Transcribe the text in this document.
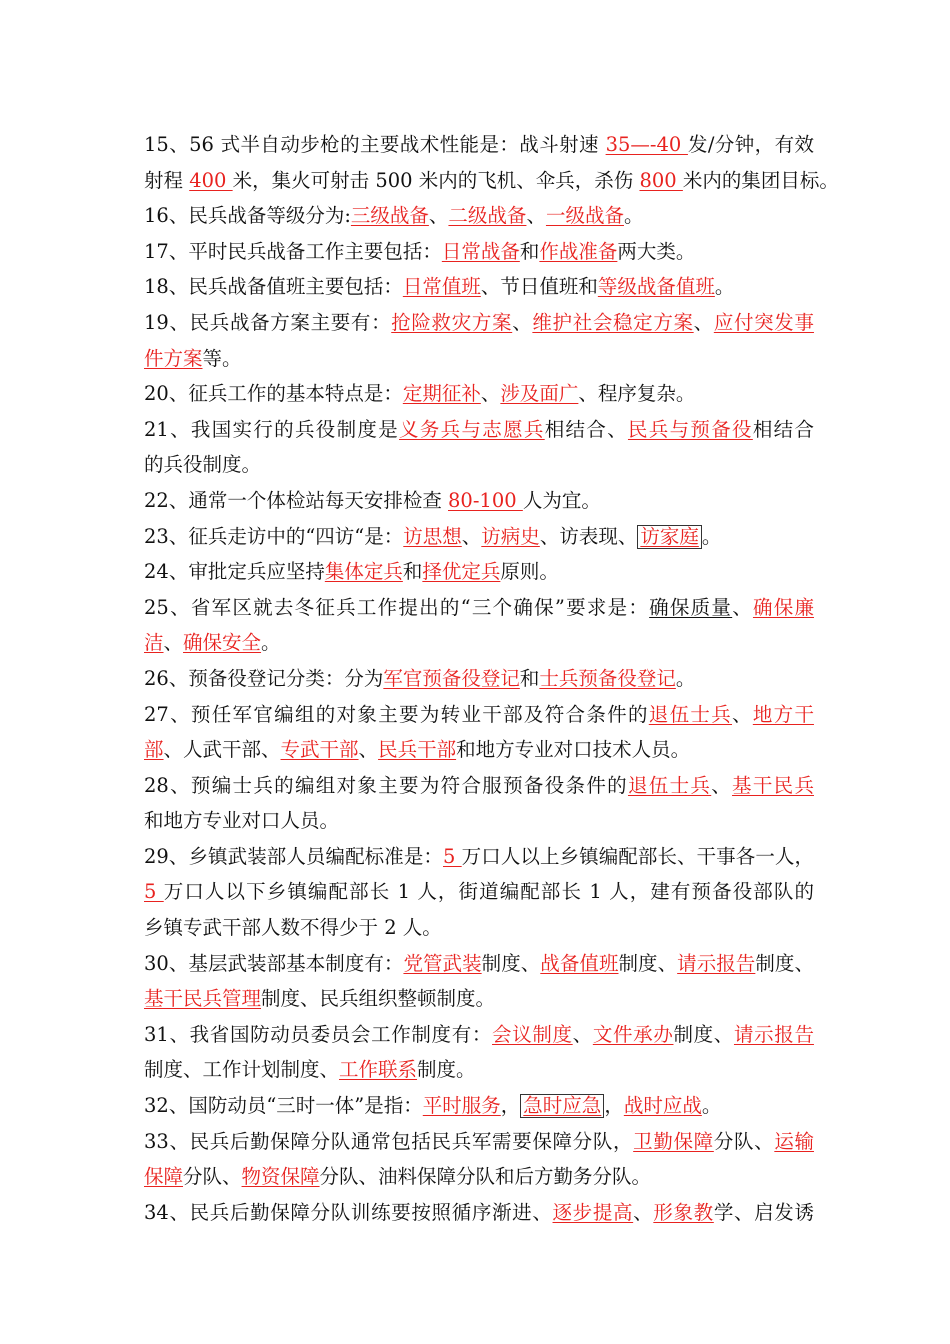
15、56 式半自动步枪的主要战术性能是：战斗射速 35—-40 发/分钟，有效
射程 400 米，集火可射击 500 米内的飞机、伞兵，杀伤 800 米内的集团目标。
16、民兵战备等级分为:三级战备、二级战备、一级战备。
17、平时民兵战备工作主要包括：日常战备和作战准备两大类。
18、民兵战备值班主要包括：日常值班、节日值班和等级战备值班。
19、民兵战备方案主要有：抢险救灾方案、维护社会稳定方案、应付突发事
件方案等。
20、征兵工作的基本特点是：定期征补、涉及面广、程序复杂。
21、我国实行的兵役制度是义务兵与志愿兵相结合、民兵与预备役相结合
的兵役制度。
22、通常一个体检站每天安排检查 80-100 人为宜。
23、征兵走访中的“四访“是：访思想、访病史、访表现、 访家庭 。
24、审批定兵应坚持集体定兵和择优定兵原则。
25、省军区就去冬征兵工作提出的“三个确保”要求是：确保质量、确保廉
洁、确保安全。
26、预备役登记分类：分为军官预备役登记和士兵预备役登记。
27、预任军官编组的对象主要为转业干部及符合条件的退伍士兵、地方干
部、人武干部、专武干部、民兵干部和地方专业对口技术人员。
28、预编士兵的编组对象主要为符合服预备役条件的退伍士兵、基干民兵
和地方专业对口人员。
29、乡镇武装部人员编配标准是：5 万口人以上乡镇编配部长、干事各一人，
5 万口人以下乡镇编配部长 1 人，街道编配部长 1 人，建有预备役部队的
乡镇专武干部人数不得少于 2 人。
30、基层武装部基本制度有：党管武装制度、战备值班制度、请示报告制度、
基干民兵管理制度、民兵组织整顿制度。
31、我省国防动员委员会工作制度有：会议制度、文件承办制度、请示报告
制度、工作计划制度、工作联系制度。
32、国防动员“三时一体”是指：平时服务， 急时应急 ，战时应战。
33、民兵后勤保障分队通常包括民兵军需要保障分队，卫勤保障分队、运输
保障分队、物资保障分队、油料保障分队和后方勤务分队。
34、民兵后勤保障分队训练要按照循序渐进、逐步提高、形象教学、启发诱
